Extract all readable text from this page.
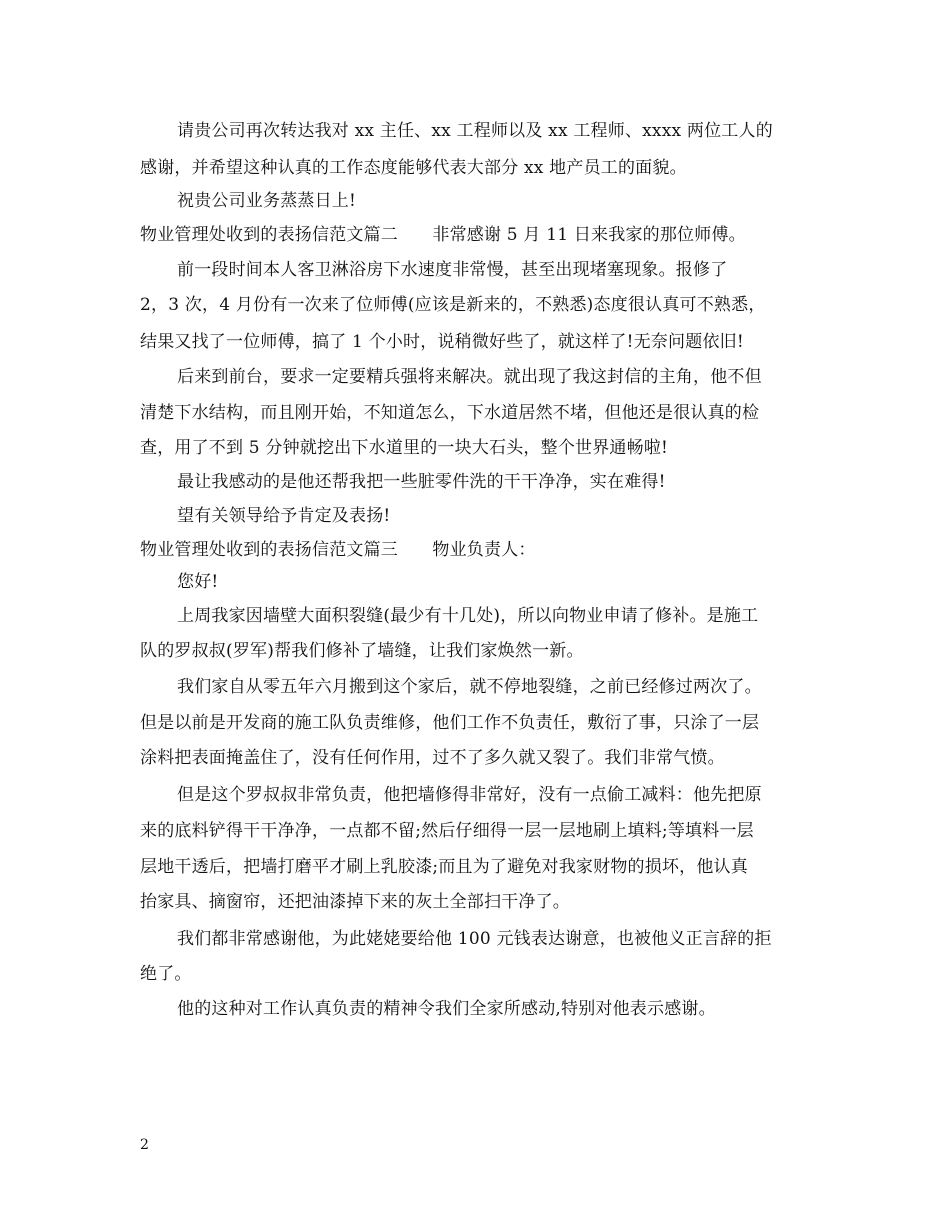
请贵公司再次转达我对 xx 主任、xx 工程师以及 xx 工程师、xxxx 两位工人的
感谢，并希望这种认真的工作态度能够代表大部分 xx 地产员工的面貌。
祝贵公司业务蒸蒸日上!
物业管理处收到的表扬信范文篇二　　非常感谢 5 月 11 日来我家的那位师傅。
前一段时间本人客卫淋浴房下水速度非常慢，甚至出现堵塞现象。报修了
2，3 次，4 月份有一次来了位师傅(应该是新来的，不熟悉)态度很认真可不熟悉，
结果又找了一位师傅，搞了 1 个小时，说稍微好些了，就这样了!无奈问题依旧!
后来到前台，要求一定要精兵强将来解决。就出现了我这封信的主角，他不但
清楚下水结构，而且刚开始，不知道怎么，下水道居然不堵，但他还是很认真的检
查，用了不到 5 分钟就挖出下水道里的一块大石头，整个世界通畅啦!
最让我感动的是他还帮我把一些脏零件洗的干干净净，实在难得!
望有关领导给予肯定及表扬!
物业管理处收到的表扬信范文篇三　　物业负责人：
您好!
上周我家因墙壁大面积裂缝(最少有十几处)，所以向物业申请了修补。是施工
队的罗叔叔(罗军)帮我们修补了墙缝，让我们家焕然一新。
我们家自从零五年六月搬到这个家后，就不停地裂缝，之前已经修过两次了。
但是以前是开发商的施工队负责维修，他们工作不负责任，敷衍了事，只涂了一层
涂料把表面掩盖住了，没有任何作用，过不了多久就又裂了。我们非常气愤。
但是这个罗叔叔非常负责，他把墙修得非常好，没有一点偷工减料：他先把原
来的底料铲得干干净净，一点都不留;然后仔细得一层一层地刷上填料;等填料一层
层地干透后，把墙打磨平才刷上乳胶漆;而且为了避免对我家财物的损坏，他认真
抬家具、摘窗帘，还把油漆掉下来的灰土全部扫干净了。
我们都非常感谢他，为此姥姥要给他 100 元钱表达谢意，也被他义正言辞的拒
绝了。
他的这种对工作认真负责的精神令我们全家所感动,特别对他表示感谢。
2
